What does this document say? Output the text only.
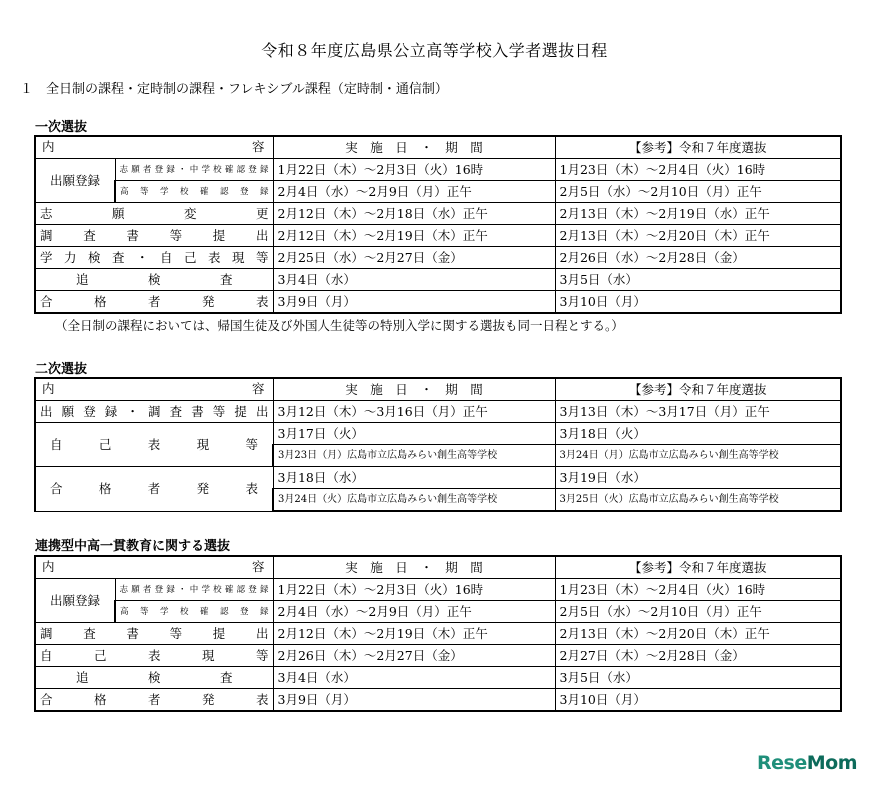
令和８年度広島県公立高等学校入学者選抜日程
１　全日制の課程・定時制の課程・フレキシブル課程（定時制・通信制）
一次選抜
内 容		実　施　日　・　期　間	【参考】令和７年度選抜
出願登録	志願者登録・中学校確認登録	1月22日（木）～2月3日（火）16時	1月23日（木）～2月4日（火）16時
	高等学校確認登録	2月4日（水）～2月9日（月）正午	2月5日（水）～2月10日（月）正午
志願変更		2月12日（木）～2月18日（水）正午	2月13日（木）～2月19日（水）正午
調査書等提出		2月12日（木）～2月19日（木）正午	2月13日（木）～2月20日（木）正午
学力検査・自己表現等		2月25日（水）～2月27日（金）	2月26日（水）～2月28日（金）
追検査		3月4日（水）	3月5日（水）
合格者発表		3月9日（月）	3月10日（月）
（全日制の課程においては、帰国生徒及び外国人生徒等の特別入学に関する選抜も同一日程とする。）
二次選抜
内 容	実　施　日　・　期　間	【参考】令和７年度選抜
出願登録・調査書等提出	3月12日（木）～3月16日（月）正午	3月13日（木）～3月17日（月）正午
自己表現等	3月17日（火）	3月18日（火）
	3月23日（月）広島市立広島みらい創生高等学校	3月24日（月）広島市立広島みらい創生高等学校
合格者発表	3月18日（水）	3月19日（水）
	3月24日（火）広島市立広島みらい創生高等学校	3月25日（火）広島市立広島みらい創生高等学校
連携型中高一貫教育に関する選抜
内 容		実　施　日　・　期　間	【参考】令和７年度選抜
出願登録	志願者登録・中学校確認登録	1月22日（木）～2月3日（火）16時	1月23日（木）～2月4日（火）16時
	高等学校確認登録	2月4日（水）～2月9日（月）正午	2月5日（水）～2月10日（月）正午
調査書等提出		2月12日（木）～2月19日（木）正午	2月13日（木）～2月20日（木）正午
自己表現等		2月26日（木）～2月27日（金）	2月27日（木）～2月28日（金）
追検査		3月4日（水）	3月5日（水）
合格者発表		3月9日（月）	3月10日（月）
ReseMom
